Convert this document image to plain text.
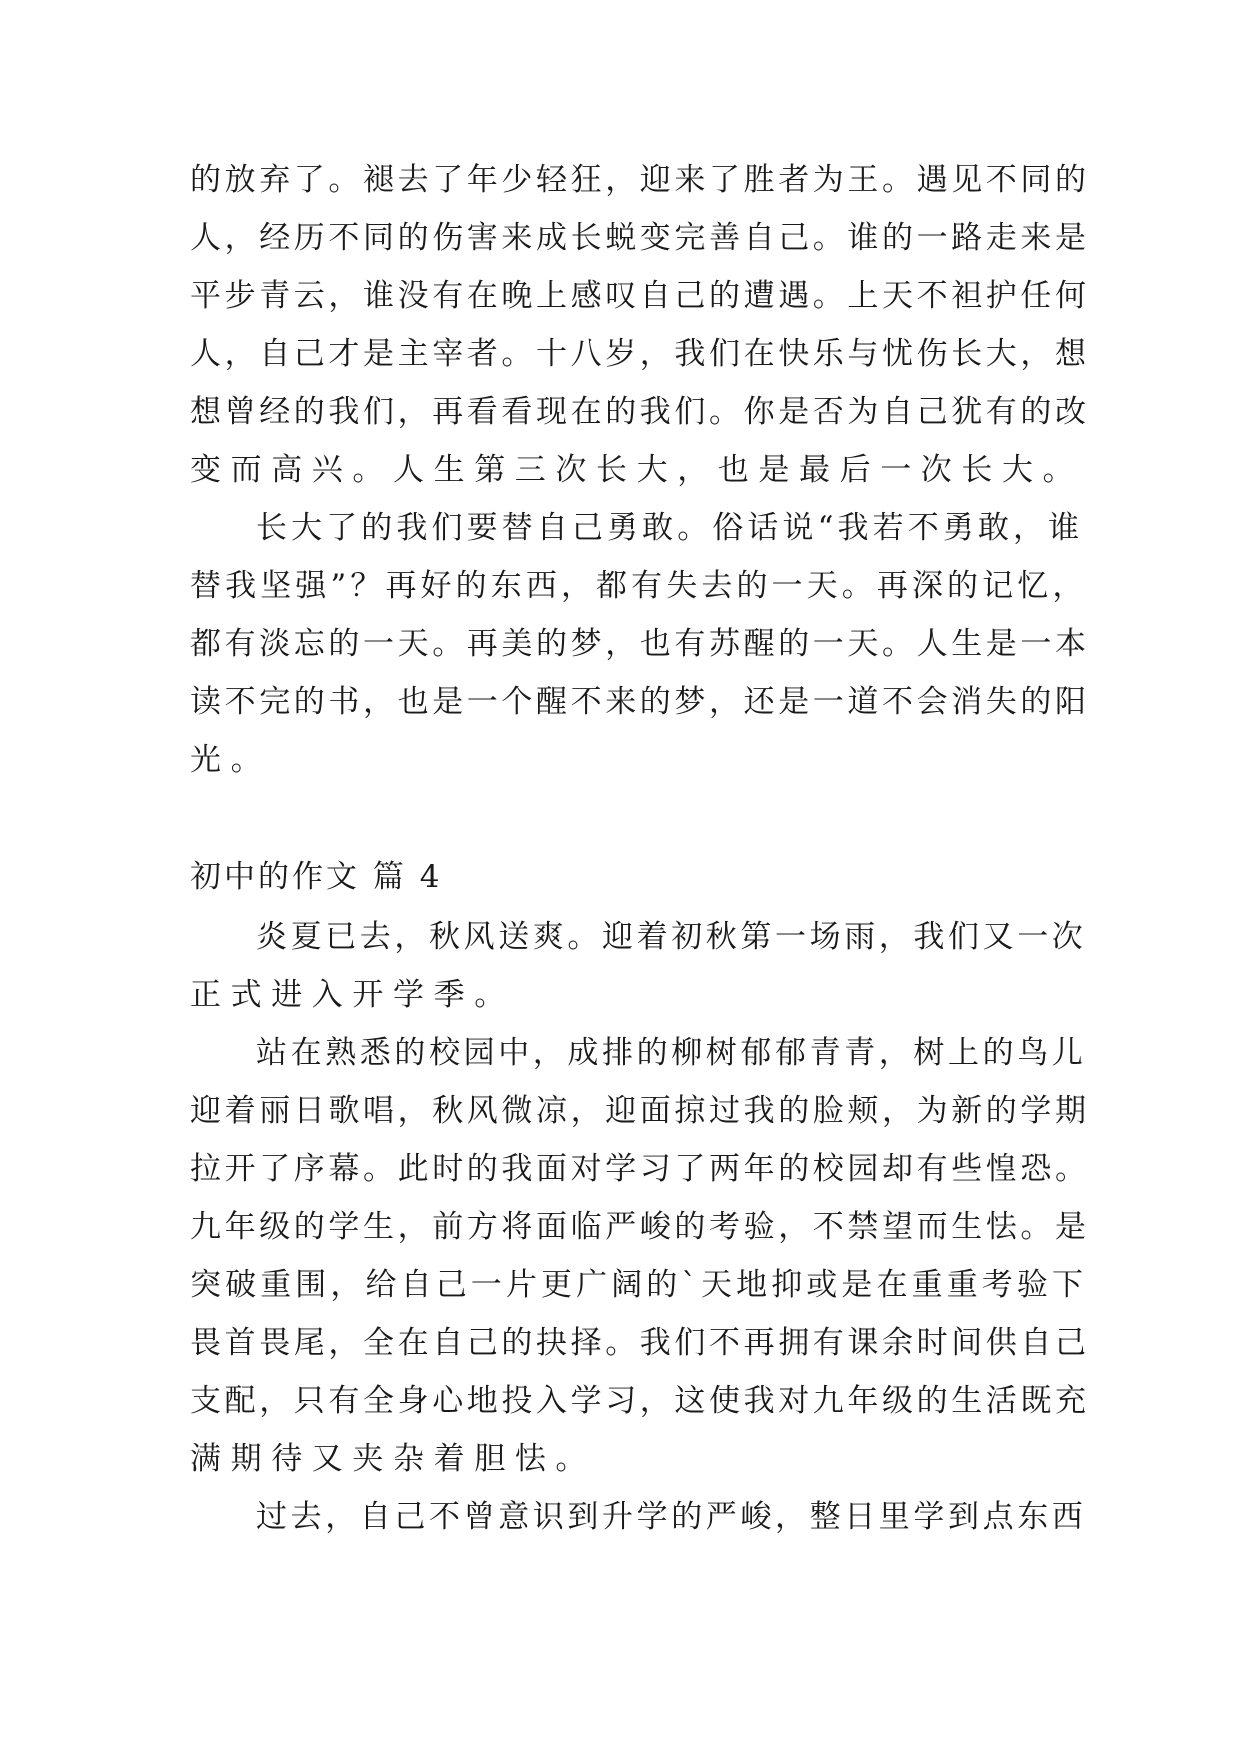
的放弃了。褪去了年少轻狂，迎来了胜者为王。遇见不同的
人，经历不同的伤害来成长蜕变完善自己。谁的一路走来是
平步青云，谁没有在晚上感叹自己的遭遇。上天不袒护任何
人，自己才是主宰者。十八岁，我们在快乐与忧伤长大，想
想曾经的我们，再看看现在的我们。你是否为自己犹有的改
变而高兴。人生第三次长大，也是最后一次长大。
长大了的我们要替自己勇敢。俗话说“我若不勇敢，谁
替我坚强”？再好的东西，都有失去的一天。再深的记忆，
都有淡忘的一天。再美的梦，也有苏醒的一天。人生是一本
读不完的书，也是一个醒不来的梦，还是一道不会消失的阳
光。
初中的作文 篇 4
炎夏已去，秋风送爽。迎着初秋第一场雨，我们又一次
正式进入开学季。
站在熟悉的校园中，成排的柳树郁郁青青，树上的鸟儿
迎着丽日歌唱，秋风微凉，迎面掠过我的脸颊，为新的学期
拉开了序幕。此时的我面对学习了两年的校园却有些惶恐。
九年级的学生，前方将面临严峻的考验，不禁望而生怯。是
突破重围，给自己一片更广阔的`天地抑或是在重重考验下
畏首畏尾，全在自己的抉择。我们不再拥有课余时间供自己
支配，只有全身心地投入学习，这使我对九年级的生活既充
满期待又夹杂着胆怯。
过去，自己不曾意识到升学的严峻，整日里学到点东西
